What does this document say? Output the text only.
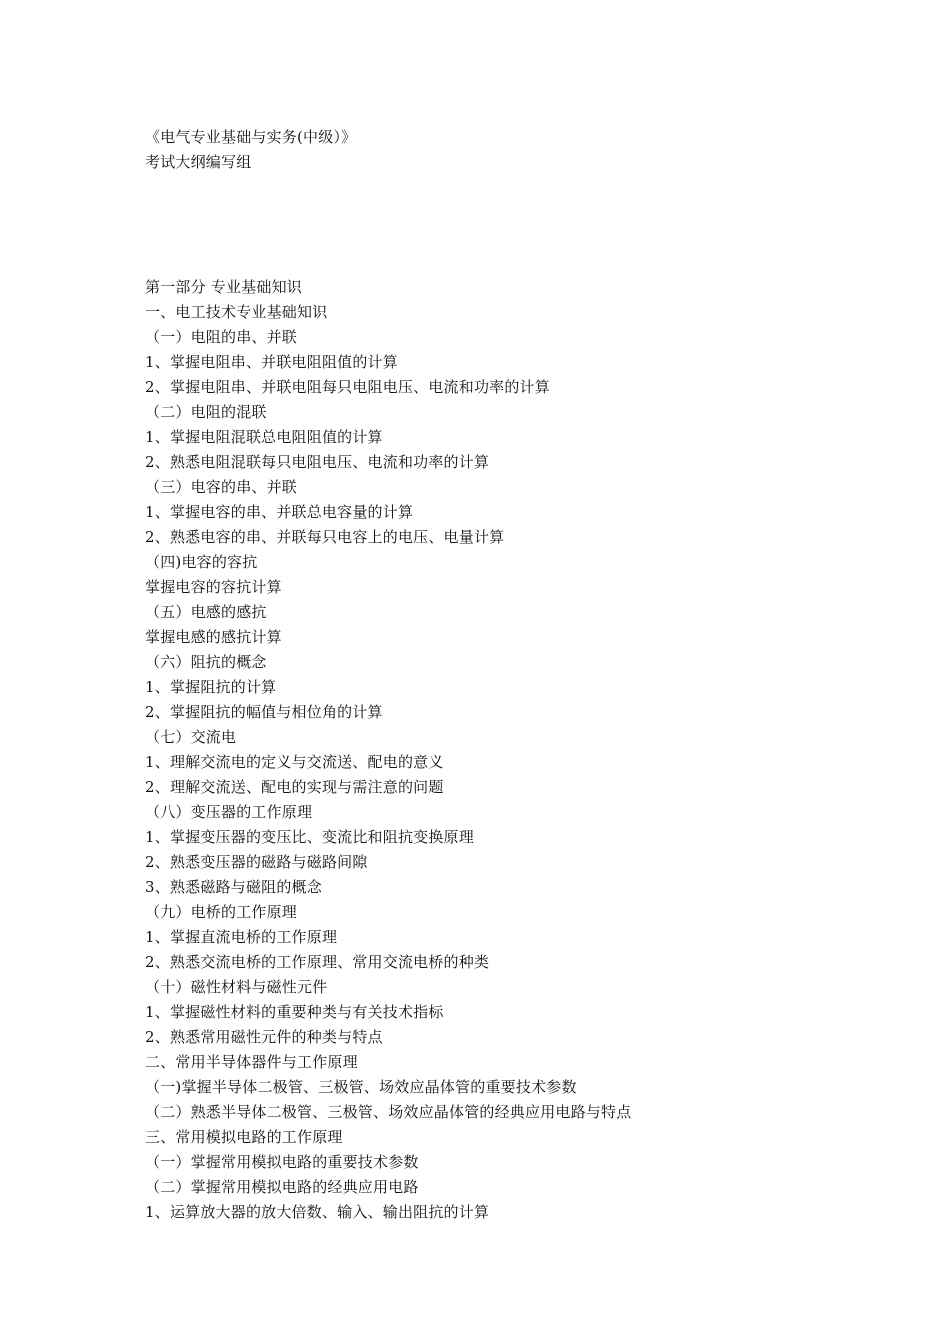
《电气专业基础与实务(中级）》
考试大纲编写组
第一部分 专业基础知识
一、电工技术专业基础知识
（一）电阻的串、并联
1、掌握电阻串、并联电阻阻值的计算
2、掌握电阻串、并联电阻每只电阻电压、电流和功率的计算
（二）电阻的混联
1、掌握电阻混联总电阻阻值的计算
2、熟悉电阻混联每只电阻电压、电流和功率的计算
（三）电容的串、并联
1、掌握电容的串、并联总电容量的计算
2、熟悉电容的串、并联每只电容上的电压、电量计算
（四)电容的容抗
掌握电容的容抗计算
（五）电感的感抗
掌握电感的感抗计算
（六）阻抗的概念
1、掌握阻抗的计算
2、掌握阻抗的幅值与相位角的计算
（七）交流电
1、理解交流电的定义与交流送、配电的意义
2、理解交流送、配电的实现与需注意的问题
（八）变压器的工作原理
1、掌握变压器的变压比、变流比和阻抗变换原理
2、熟悉变压器的磁路与磁路间隙
3、熟悉磁路与磁阻的概念
（九）电桥的工作原理
1、掌握直流电桥的工作原理
2、熟悉交流电桥的工作原理、常用交流电桥的种类
（十）磁性材料与磁性元件
1、掌握磁性材料的重要种类与有关技术指标
2、熟悉常用磁性元件的种类与特点
二、常用半导体器件与工作原理
（一)掌握半导体二极管、三极管、场效应晶体管的重要技术参数
（二）熟悉半导体二极管、三极管、场效应晶体管的经典应用电路与特点
三、常用模拟电路的工作原理
（一）掌握常用模拟电路的重要技术参数
（二）掌握常用模拟电路的经典应用电路
1、运算放大器的放大倍数、输入、输出阻抗的计算
